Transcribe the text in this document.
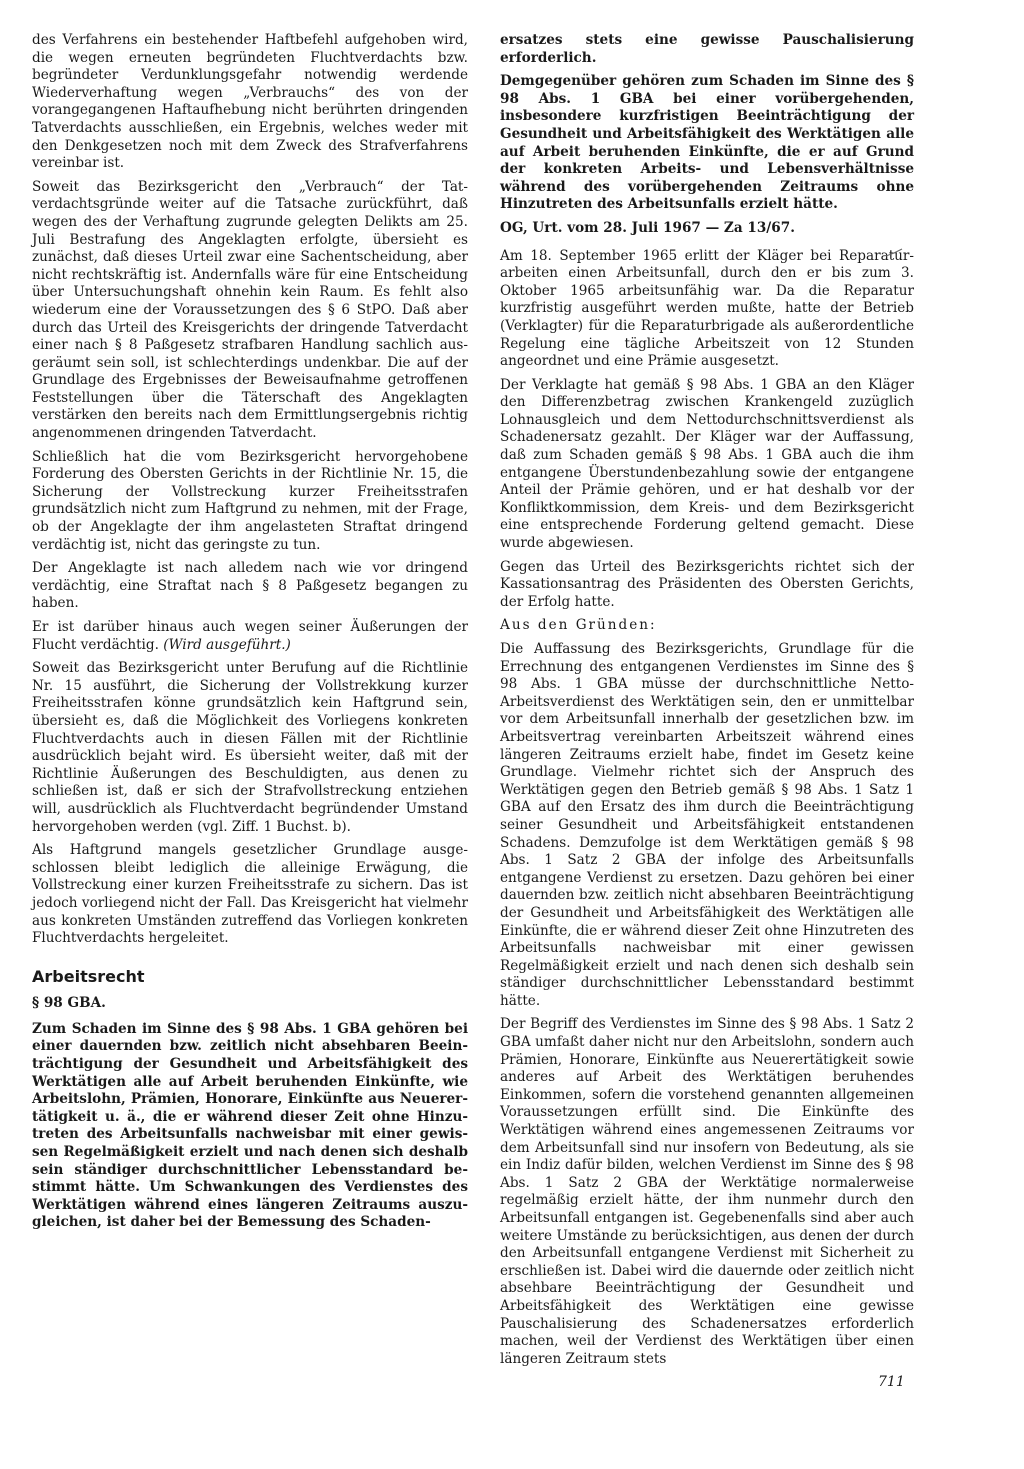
des Verfahrens ein bestehender Haftbefehl aufgehoben wird, die wegen erneuten begründeten Fluchtverdachts bzw. begründeter Verdunklungsgefahr notwendig werdende Wiederverhaftung wegen „Verbrauchs“ des von der vorangegangenen Haftaufhebung nicht berührten dringenden Tatverdachts ausschließen, ein Ergebnis, welches weder mit den Denkgesetzen noch mit dem Zweck des Strafverfahrens vereinbar ist.

Soweit das Bezirksgericht den „Verbrauch“ der Tatverdachtsgründe weiter auf die Tatsache zurückführt, daß wegen des der Verhaftung zugrunde gelegten Delikts am 25. Juli Bestrafung des Angeklagten erfolgte, übersieht es zunächst, daß dieses Urteil zwar eine Sachentscheidung, aber nicht rechtskräftig ist. Andernfalls wäre für eine Entscheidung über Untersuchungshaft ohnehin kein Raum. Es fehlt also wiederum eine der Voraussetzungen des § 6 StPO. Daß aber durch das Urteil des Kreisgerichts der dringende Tatverdacht einer nach § 8 Paßgesetz strafbaren Handlung sachlich ausgeräumt sein soll, ist schlechterdings undenkbar. Die auf der Grundlage des Ergebnisses der Beweisaufnahme getroffenen Feststellungen über die Täterschaft des Angeklagten verstärken den bereits nach dem Ermittlungsergebnis richtig angenommenen dringenden Tatverdacht.

Schließlich hat die vom Bezirksgericht hervorgehobene Forderung des Obersten Gerichts in der Richtlinie Nr. 15, die Sicherung der Vollstreckung kurzer Freiheitsstrafen grundsätzlich nicht zum Haftgrund zu nehmen, mit der Frage, ob der Angeklagte der ihm angelasteten Straftat dringend verdächtig ist, nicht das geringste zu tun.

Der Angeklagte ist nach alledem nach wie vor dringend verdächtig, eine Straftat nach § 8 Paßgesetz begangen zu haben.

Er ist darüber hinaus auch wegen seiner Äußerungen der Flucht verdächtig. (Wird ausgeführt.)

Soweit das Bezirksgericht unter Berufung auf die Richtlinie Nr. 15 ausführt, die Sicherung der Vollstrekkung kurzer Freiheitsstrafen könne grundsätzlich kein Haftgrund sein, übersieht es, daß die Möglichkeit des Vorliegens konkreten Fluchtverdachts auch in diesen Fällen mit der Richtlinie ausdrücklich bejaht wird. Es übersieht weiter, daß mit der Richtlinie Äußerungen des Beschuldigten, aus denen zu schließen ist, daß er sich der Strafvollstreckung entziehen will, ausdrücklich als Fluchtverdacht begründender Umstand hervorgehoben werden (vgl. Ziff. 1 Buchst. b).

Als Haftgrund mangels gesetzlicher Grundlage ausgeschlossen bleibt lediglich die alleinige Erwägung, die Vollstreckung einer kurzen Freiheitsstrafe zu sichern. Das ist jedoch vorliegend nicht der Fall. Das Kreisgericht hat vielmehr aus konkreten Umständen zutreffend das Vorliegen konkreten Fluchtverdachts hergeleitet.

Arbeitsrecht
§ 98 GBA.

Zum Schaden im Sinne des § 98 Abs. 1 GBA gehören bei einer dauernden bzw. zeitlich nicht absehbaren Beeinträchtigung der Gesundheit und Arbeitsfähigkeit des Werktätigen alle auf Arbeit beruhenden Einkünfte, wie Arbeitslohn, Prämien, Honorare, Einkünfte aus Neuerertätigkeit u. ä., die er während dieser Zeit ohne Hinzutreten des Arbeitsunfalls nachweisbar mit einer gewissen Regelmäßigkeit erzielt und nach denen sich deshalb sein ständiger durchschnittlicher Lebensstandard bestimmt hätte. Um Schwankungen des Verdienstes des Werktätigen während eines längeren Zeitraums auszugleichen, ist daher bei der Bemessung des Schaden-

ersatzes stets eine gewisse Pauschalisierung erforderlich.

Demgegenüber gehören zum Schaden im Sinne des § 98 Abs. 1 GBA bei einer vorübergehenden, insbesondere kurzfristigen Beeinträchtigung der Gesundheit und Arbeitsfähigkeit des Werktätigen alle auf Arbeit beruhenden Einkünfte, die er auf Grund der konkreten Arbeits- und Lebensverhältnisse während des vorübergehenden Zeitraums ohne Hinzutreten des Arbeitsunfalls erzielt hätte.

OG, Urt. vom 28. Juli 1967 — Za 13/67.

Am 18. September 1965 erlitt der Kläger bei Reparaturarbeiten einen Arbeitsunfall, durch den er bis zum 3. Oktober 1965 arbeitsunfähig war. Da die Reparatur kurzfristig ausgeführt werden mußte, hatte der Betrieb (Verklagter) für die Reparaturbrigade als außerordentliche Regelung eine tägliche Arbeitszeit von 12 Stunden angeordnet und eine Prämie ausgesetzt.

Der Verklagte hat gemäß § 98 Abs. 1 GBA an den Kläger den Differenzbetrag zwischen Krankengeld zuzüglich Lohnausgleich und dem Nettodurchschnittsverdienst als Schadenersatz gezahlt. Der Kläger war der Auffassung, daß zum Schaden gemäß § 98 Abs. 1 GBA auch die ihm entgangene Überstundenbezahlung sowie der entgangene Anteil der Prämie gehören, und er hat deshalb vor der Konfliktkommission, dem Kreis- und dem Bezirksgericht eine entsprechende Forderung geltend gemacht. Diese wurde abgewiesen.

Gegen das Urteil des Bezirksgerichts richtet sich der Kassationsantrag des Präsidenten des Obersten Gerichts, der Erfolg hatte.

Aus den Gründen:

Die Auffassung des Bezirksgerichts, Grundlage für die Errechnung des entgangenen Verdienstes im Sinne des § 98 Abs. 1 GBA müsse der durchschnittliche Netto-Arbeitsverdienst des Werktätigen sein, den er unmittelbar vor dem Arbeitsunfall innerhalb der gesetzlichen bzw. im Arbeitsvertrag vereinbarten Arbeitszeit während eines längeren Zeitraums erzielt habe, findet im Gesetz keine Grundlage. Vielmehr richtet sich der Anspruch des Werktätigen gegen den Betrieb gemäß § 98 Abs. 1 Satz 1 GBA auf den Ersatz des ihm durch die Beeinträchtigung seiner Gesundheit und Arbeitsfähigkeit entstandenen Schadens. Demzufolge ist dem Werktätigen gemäß § 98 Abs. 1 Satz 2 GBA der infolge des Arbeitsunfalls entgangene Verdienst zu ersetzen. Dazu gehören bei einer dauernden bzw. zeitlich nicht absehbaren Beeinträchtigung der Gesundheit und Arbeitsfähigkeit des Werktätigen alle Einkünfte, die er während dieser Zeit ohne Hinzutreten des Arbeitsunfalls nachweisbar mit einer gewissen Regelmäßigkeit erzielt und nach denen sich deshalb sein ständiger durchschnittlicher Lebensstandard bestimmt hätte.

Der Begriff des Verdienstes im Sinne des § 98 Abs. 1 Satz 2 GBA umfaßt daher nicht nur den Arbeitslohn, sondern auch Prämien, Honorare, Einkünfte aus Neuerertätigkeit sowie anderes auf Arbeit des Werktätigen beruhendes Einkommen, sofern die vorstehend genannten allgemeinen Voraussetzungen erfüllt sind. Die Einkünfte des Werktätigen während eines angemessenen Zeitraums vor dem Arbeitsunfall sind nur insofern von Bedeutung, als sie ein Indiz dafür bilden, welchen Verdienst im Sinne des § 98 Abs. 1 Satz 2 GBA der Werktätige normalerweise regelmäßig erzielt hätte, der ihm nunmehr durch den Arbeitsunfall entgangen ist. Gegebenenfalls sind aber auch weitere Umstände zu berücksichtigen, aus denen der durch den Arbeitsunfall entgangene Verdienst mit Sicherheit zu erschließen ist. Dabei wird die dauernde oder zeitlich nicht absehbare Beeinträchtigung der Gesundheit und Arbeitsfähigkeit des Werktätigen eine gewisse Pauschalisierung des Schadenersatzes erforderlich machen, weil der Verdienst des Werktätigen über einen längeren Zeitraum stets

711
